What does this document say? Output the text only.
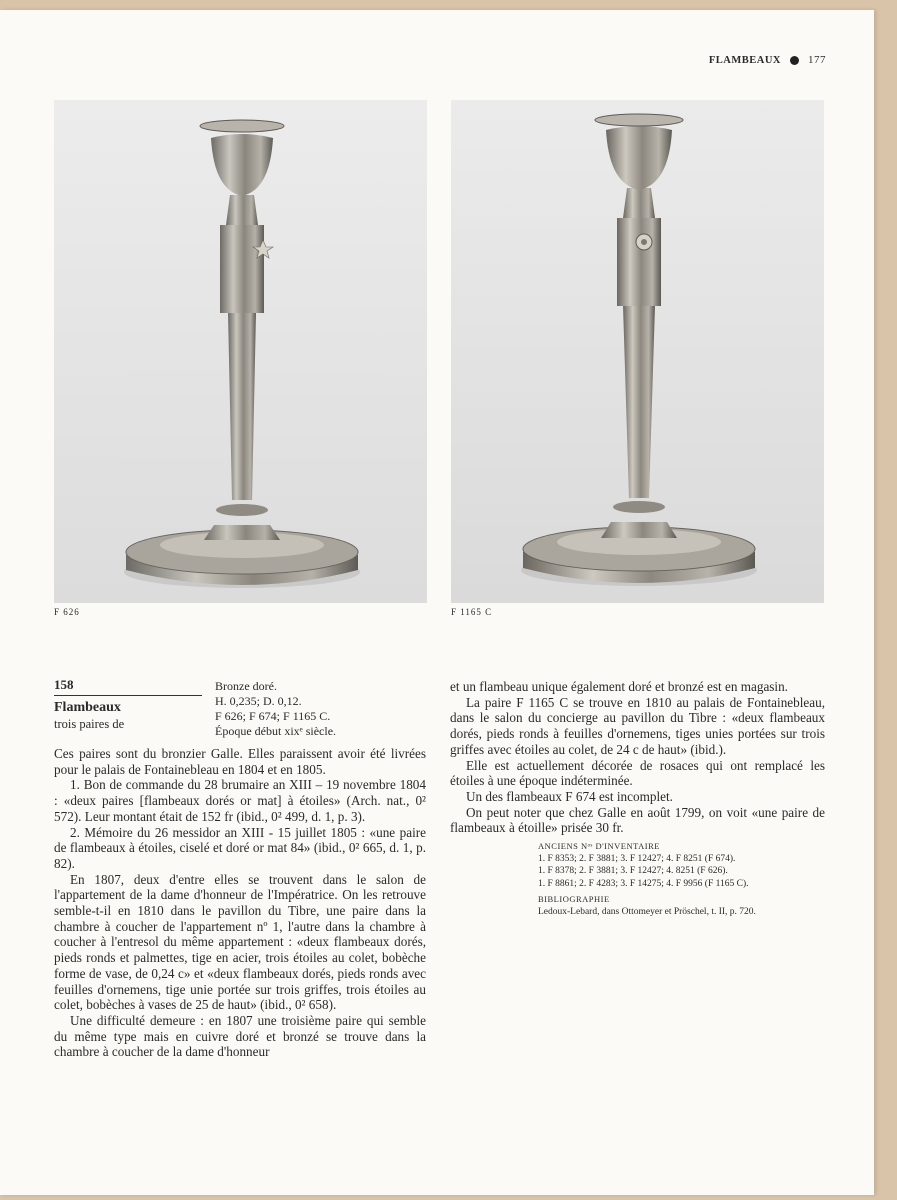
FLAMBEAUX 177
F 626	F 1165 C
158
Flambeaux
trois paires de
Bronze doré.
H. 0,235; D. 0,12.
F 626; F 674; F 1165 C.
Époque début xixᵉ siècle.

Ces paires sont du bronzier Galle. Elles paraissent avoir été livrées pour le palais de Fontainebleau en 1804 et en 1805.

1. Bon de commande du 28 brumaire an XIII – 19 novembre 1804 : «deux paires [flambeaux dorés or mat] à étoiles» (Arch. nat., 0² 572). Leur montant était de 152 fr (ibid., 0² 499, d. 1, p. 3).

2. Mémoire du 26 messidor an XIII - 15 juillet 1805 : «une paire de flambeaux à étoiles, ciselé et doré or mat 84» (ibid., 0² 665, d. 1, p. 82).

En 1807, deux d'entre elles se trouvent dans le salon de l'appartement de la dame d'honneur de l'Impératrice. On les retrouve semble-t-il en 1810 dans le pavillon du Tibre, une paire dans la chambre à coucher de l'appartement nº 1, l'autre dans la chambre à coucher à l'entresol du même appartement : «deux flambeaux dorés, pieds ronds et palmettes, tige en acier, trois étoiles au colet, bobèche forme de vase, de 0,24 c» et «deux flambeaux dorés, pieds ronds avec feuilles d'ornemens, tige unie portée sur trois griffes, trois étoiles au colet, bobèches à vases de 25 de haut» (ibid., 0² 658).

Une difficulté demeure : en 1807 une troisième paire qui semble du même type mais en cuivre doré et bronzé se trouve dans la chambre à coucher de la dame d'honneur

et un flambeau unique également doré et bronzé est en magasin.

La paire F 1165 C se trouve en 1810 au palais de Fontainebleau, dans le salon du concierge au pavillon du Tibre : «deux flambeaux dorés, pieds ronds à feuilles d'ornemens, tiges unies portées sur trois griffes avec étoiles au colet, de 24 c de haut» (ibid.).

Elle est actuellement décorée de rosaces qui ont remplacé les étoiles à une époque indéterminée.

Un des flambeaux F 674 est incomplet.

On peut noter que chez Galle en août 1799, on voit «une paire de flambeaux à étoille» prisée 30 fr.

ANCIENS Nᵒˢ D'INVENTAIRE
1. F 8353; 2. F 3881; 3. F 12427; 4. F 8251 (F 674).
1. F 8378; 2. F 3881; 3. F 12427; 4. 8251 (F 626).
1. F 8861; 2. F 4283; 3. F 14275; 4. F 9956 (F 1165 C).
BIBLIOGRAPHIE
Ledoux-Lebard, dans Ottomeyer et Pröschel, t. II, p. 720.
